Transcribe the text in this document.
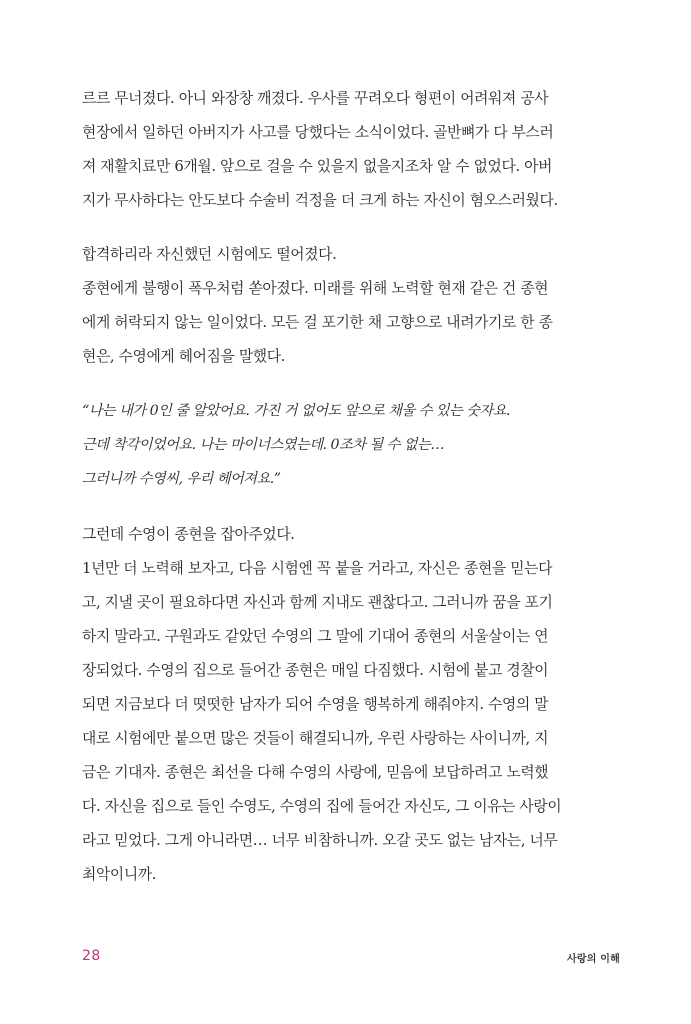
르르 무너졌다. 아니 와장창 깨졌다. 우사를 꾸려오다 형편이 어려워져 공사
현장에서 일하던 아버지가 사고를 당했다는 소식이었다. 골반뼈가 다 부스러
져 재활치료만 6개월. 앞으로 걸을 수 있을지 없을지조차 알 수 없었다. 아버
지가 무사하다는 안도보다 수술비 걱정을 더 크게 하는 자신이 혐오스러웠다.
합격하리라 자신했던 시험에도 떨어졌다.
종현에게 불행이 폭우처럼 쏟아졌다. 미래를 위해 노력할 현재 같은 건 종현
에게 허락되지 않는 일이었다. 모든 걸 포기한 채 고향으로 내려가기로 한 종
현은, 수영에게 헤어짐을 말했다.
“나는 내가 0인 줄 알았어요. 가진 거 없어도 앞으로 채울 수 있는 숫자요.
근데 착각이었어요. 나는 마이너스였는데. 0조차 될 수 없는…
그러니까 수영씨, 우리 헤어져요.”
그런데 수영이 종현을 잡아주었다.
1년만 더 노력해 보자고, 다음 시험엔 꼭 붙을 거라고, 자신은 종현을 믿는다
고, 지낼 곳이 필요하다면 자신과 함께 지내도 괜찮다고. 그러니까 꿈을 포기
하지 말라고. 구원과도 같았던 수영의 그 말에 기대어 종현의 서울살이는 연
장되었다. 수영의 집으로 들어간 종현은 매일 다짐했다. 시험에 붙고 경찰이
되면 지금보다 더 떳떳한 남자가 되어 수영을 행복하게 해줘야지. 수영의 말
대로 시험에만 붙으면 많은 것들이 해결되니까, 우린 사랑하는 사이니까, 지
금은 기대자. 종현은 최선을 다해 수영의 사랑에, 믿음에 보답하려고 노력했
다. 자신을 집으로 들인 수영도, 수영의 집에 들어간 자신도, 그 이유는 사랑이
라고 믿었다. 그게 아니라면… 너무 비참하니까. 오갈 곳도 없는 남자는, 너무
최악이니까.
28	사랑의 이해
